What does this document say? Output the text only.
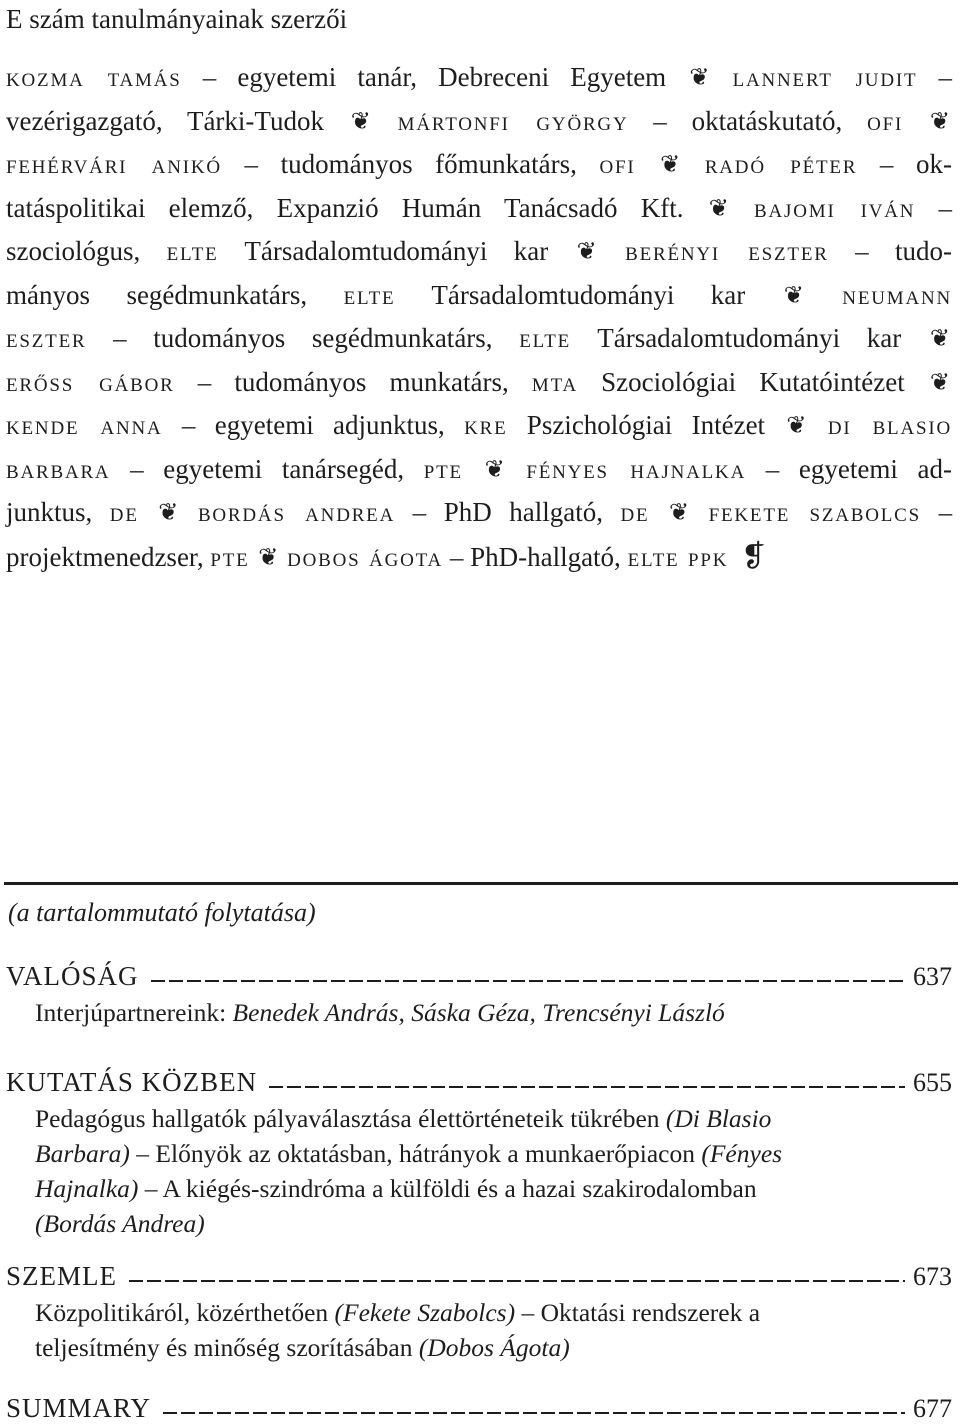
E szám tanulmányainak szerzői
kozma tamás – egyetemi tanár, Debreceni Egyetem ❦ lannert judit –
vezérigazgató, Tárki-Tudok ❦ mártonfi györgy – oktatáskutató, ofi ❦
fehérvári anikó – tudományos főmunkatárs, ofi ❦ radó péter – ok-
tatáspolitikai elemző, Expanzió Humán Tanácsadó Kft. ❦ bajomi iván –
szociológus, elte Társadalomtudományi kar ❦ berényi eszter – tudo-
mányos segédmunkatárs, elte Társadalomtudományi kar ❦ neumann
eszter – tudományos segédmunkatárs, elte Társadalomtudományi kar ❦
erőss gábor – tudományos munkatárs, mta Szociológiai Kutatóintézet ❦
kende anna – egyetemi adjunktus, kre Pszichológiai Intézet ❦ di blasio
barbara – egyetemi tanársegéd, pte ❦ fényes hajnalka – egyetemi ad-
junktus, de ❦ bordás andrea – PhD hallgató, de ❦ fekete szabolcs –
projektmenedzser, pte ❦ dobos ágota – PhD-hallgató, elte ppk ❡
(a tartalommutató folytatása)
VALÓSÁG	637
Interjúpartnereink: Benedek András, Sáska Géza, Trencsényi László
KUTATÁS KÖZBEN	655
Pedagógus hallgatók pályaválasztása élettörténeteik tükrében (Di Blasio
Barbara) – Előnyök az oktatásban, hátrányok a munkaerőpiacon (Fényes
Hajnalka) – A kiégés-szindróma a külföldi és a hazai szakirodalomban
(Bordás Andrea)
SZEMLE	673
Közpolitikáról, közérthetően (Fekete Szabolcs) – Oktatási rendszerek a
teljesítmény és minőség szorításában (Dobos Ágota)
SUMMARY	677
